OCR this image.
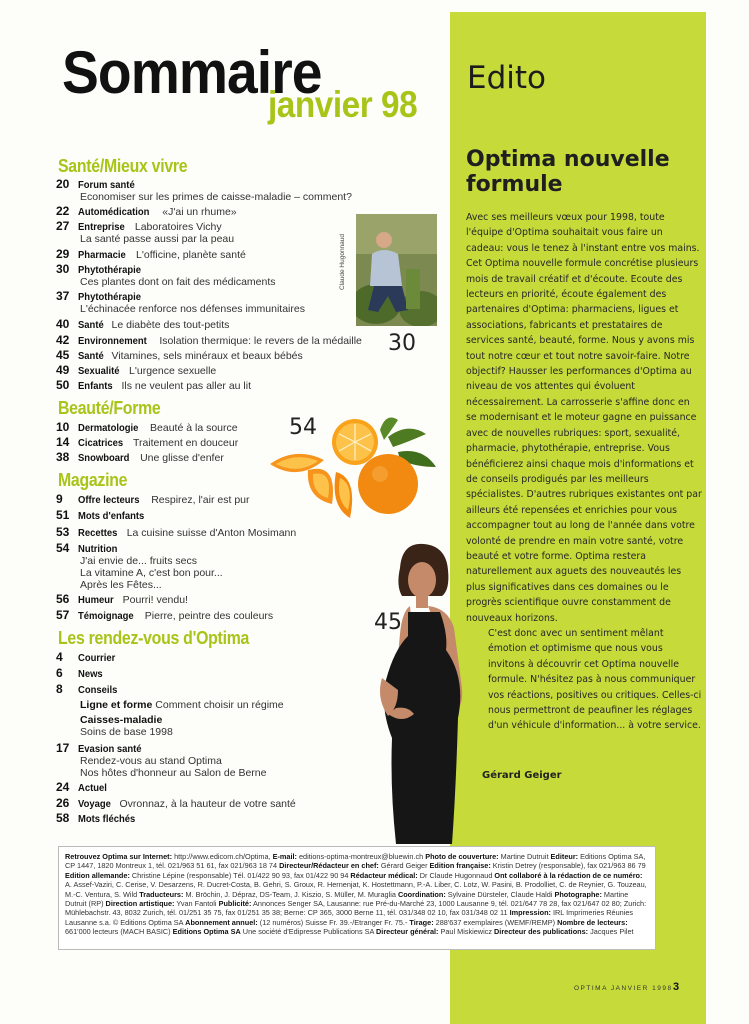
Edito
Optima nouvelle formule

Avec ses meilleurs vœux pour 1998, toute l'équipe d'Optima souhaitait vous faire un cadeau: vous le tenez à l'instant entre vos mains. Cet Optima nouvelle formule concrétise plusieurs mois de travail créatif et d'écoute. Ecoute des lecteurs en priorité, écoute également des partenaires d'Optima: pharmaciens, ligues et associations, fabricants et prestataires de services santé, beauté, forme. Nous y avons mis tout notre cœur et tout notre savoir-faire. Notre objectif? Hausser les performances d'Optima au niveau de vos attentes qui évoluent nécessairement. La carrosserie s'affine donc en se modernisant et le moteur gagne en puissance avec de nouvelles rubriques: sport, sexualité, pharmacie, phytothérapie, entreprise. Vous bénéficierez ainsi chaque mois d'informations et de conseils prodigués par les meilleurs spécialistes. D'autres rubriques existantes ont par ailleurs été repensées et enrichies pour vous accompagner tout au long de l'année dans votre volonté de prendre en main votre santé, votre beauté et votre forme. Optima restera naturellement aux aguets des nouveautés les plus significatives dans ces domaines ou le progrès scientifique ouvre constamment de nouveaux horizons.

C'est donc avec un sentiment mêlant émotion et optimisme que nous vous invitons à découvrir cet Optima nouvelle formule. N'hésitez pas à nous communiquer vos réactions, positives ou critiques. Celles-ci nous permettront de peaufiner les réglages d'un véhicule d'information... à votre service.

Gérard Geiger
Sommaire
janvier 98
Santé/Mieux vivre
20 Forum santé
Economiser sur les primes de caisse-maladie – comment?
22 Automédication «J'ai un rhume»
27 Entreprise Laboratoires Vichy
La santé passe aussi par la peau
29 Pharmacie L'officine, planète santé
30 Phytothérapie
Ces plantes dont on fait des médicaments
37 Phytothérapie
L'échinacée renforce nos défenses immunitaires
40 Santé Le diabète des tout-petits
42 Environnement Isolation thermique: le revers de la médaille
45 Santé Vitamines, sels minéraux et beaux bébés
49 Sexualité L'urgence sexuelle
50 Enfants Ils ne veulent pas aller au lit
Beauté/Forme
10 Dermatologie Beauté à la source
14 Cicatrices Traitement en douceur
38 Snowboard Une glisse d'enfer
Magazine
9 Offre lecteurs Respirez, l'air est pur
51 Mots d'enfants
53 Recettes La cuisine suisse d'Anton Mosimann
54 Nutrition
J'ai envie de... fruits secs
La vitamine A, c'est bon pour...
Après les Fêtes...
56 Humeur Pourri! vendu!
57 Témoignage Pierre, peintre des couleurs
Les rendez-vous d'Optima
4 Courrier
6 News
8 Conseils
Ligne et forme Comment choisir un régime
Caisses-maladie
Soins de base 1998
17 Evasion santé
Rendez-vous au stand Optima
Nos hôtes d'honneur au Salon de Berne
24 Actuel
26 Voyage Ovronnaz, à la hauteur de votre santé
58 Mots fléchés
Claude Hugonnaud
30
54
45
Retrouvez Optima sur Internet: http://www.edicom.ch/Optima, E-mail: editions-optima-montreux@bluewin.ch Photo de couverture: Martine Dutruit Editeur: Editions Optima SA, CP 1447, 1820 Montreux 1, tél. 021/963 51 61, fax 021/963 18 74 Directeur/Rédacteur en chef: Gérard Geiger Edition française: Kristin Detrey (responsable), fax 021/963 86 79 Edition allemande: Christine Lépine (responsable) Tél. 01/422 90 93, fax 01/422 90 94 Rédacteur médical: Dr Claude Hugonnaud Ont collaboré à la rédaction de ce numéro: A. Assef-Vaziri, C. Cerise, V. Desarzens, R. Ducret-Costa, B. Gehri, S. Groux, R. Hernenjat, K. Hostettmann, P.-A. Liber, C. Lotz, W. Pasini, B. Prodolliet, C. de Reynier, G. Touzeau, M.-C. Ventura, S. Wild Traducteurs: M. Bröchin, J. Dépraz, DS-Team, J. Kiszio, S. Müller, M. Muraglia Coordination: Sylvaine Dürsteler, Claude Haldi Photographe: Martine Dutruit (RP) Direction artistique: Yvan Fantoli Publicité: Annonces Senger SA, Lausanne: rue Pré-du-Marché 23, 1000 Lausanne 9, tél. 021/647 78 28, fax 021/647 02 80; Zurich: Mühlebachstr. 43, 8032 Zurich, tél. 01/251 35 75, fax 01/251 35 38; Berne: CP 365, 3000 Berne 11, tél. 031/348 02 10, fax 031/348 02 11 Impression: IRL Imprimeries Réunies Lausanne s.a. © Editions Optima SA Abonnement annuel: (12 numéros) Suisse Fr. 39.-/Etranger Fr. 75.- Tirage: 288'637 exemplaires (WEMF/REMP) Nombre de lecteurs: 661'000 lecteurs (MACH BASIC) Editions Optima SA Une société d'Edipresse Publications SA Directeur général: Paul Miskiewicz Directeur des publications: Jacques Pilet
OPTIMA JANVIER 1998 3
